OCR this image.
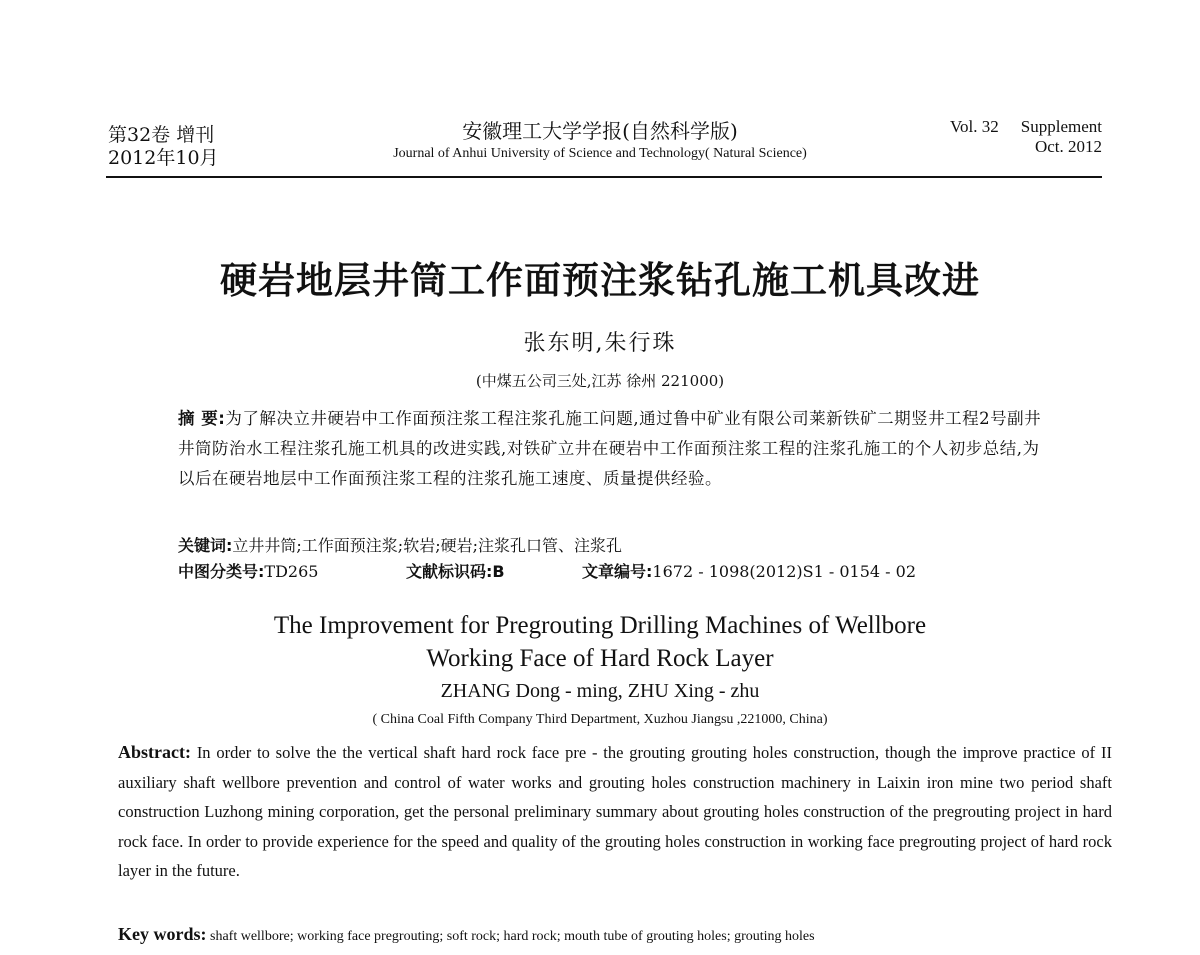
第32卷 增刊
2012年10月
安徽理工大学学报(自然科学版)
Journal of Anhui University of Science and Technology( Natural Science)
Vol. 32 Supplement
Oct. 2012
硬岩地层井筒工作面预注浆钻孔施工机具改进
张东明,朱行珠
(中煤五公司三处,江苏 徐州 221000)
摘 要:为了解决立井硬岩中工作面预注浆工程注浆孔施工问题,通过鲁中矿业有限公司莱新铁矿二期竖井工程2号副井井筒防治水工程注浆孔施工机具的改进实践,对铁矿立井在硬岩中工作面预注浆工程的注浆孔施工的个人初步总结,为以后在硬岩地层中工作面预注浆工程的注浆孔施工速度、质量提供经验。
关键词:立井井筒;工作面预注浆;软岩;硬岩;注浆孔口管、注浆孔
中图分类号:TD265	文献标识码:B	文章编号:1672 - 1098(2012)S1 - 0154 - 02
The Improvement for Pregrouting Drilling Machines of Wellbore
Working Face of Hard Rock Layer
ZHANG Dong - ming, ZHU Xing - zhu
( China Coal Fifth Company Third Department, Xuzhou Jiangsu ,221000, China)
Abstract: In order to solve the the vertical shaft hard rock face pre - the grouting grouting holes construction, though the improve practice of II auxiliary shaft wellbore prevention and control of water works and grouting holes construction machinery in Laixin iron mine two period shaft construction Luzhong mining corporation, get the personal preliminary summary about grouting holes construction of the pregrouting project in hard rock face. In order to provide experience for the speed and quality of the grouting holes construction in working face pregrouting project of hard rock layer in the future.
Key words: shaft wellbore; working face pregrouting; soft rock; hard rock; mouth tube of grouting holes; grouting holes
